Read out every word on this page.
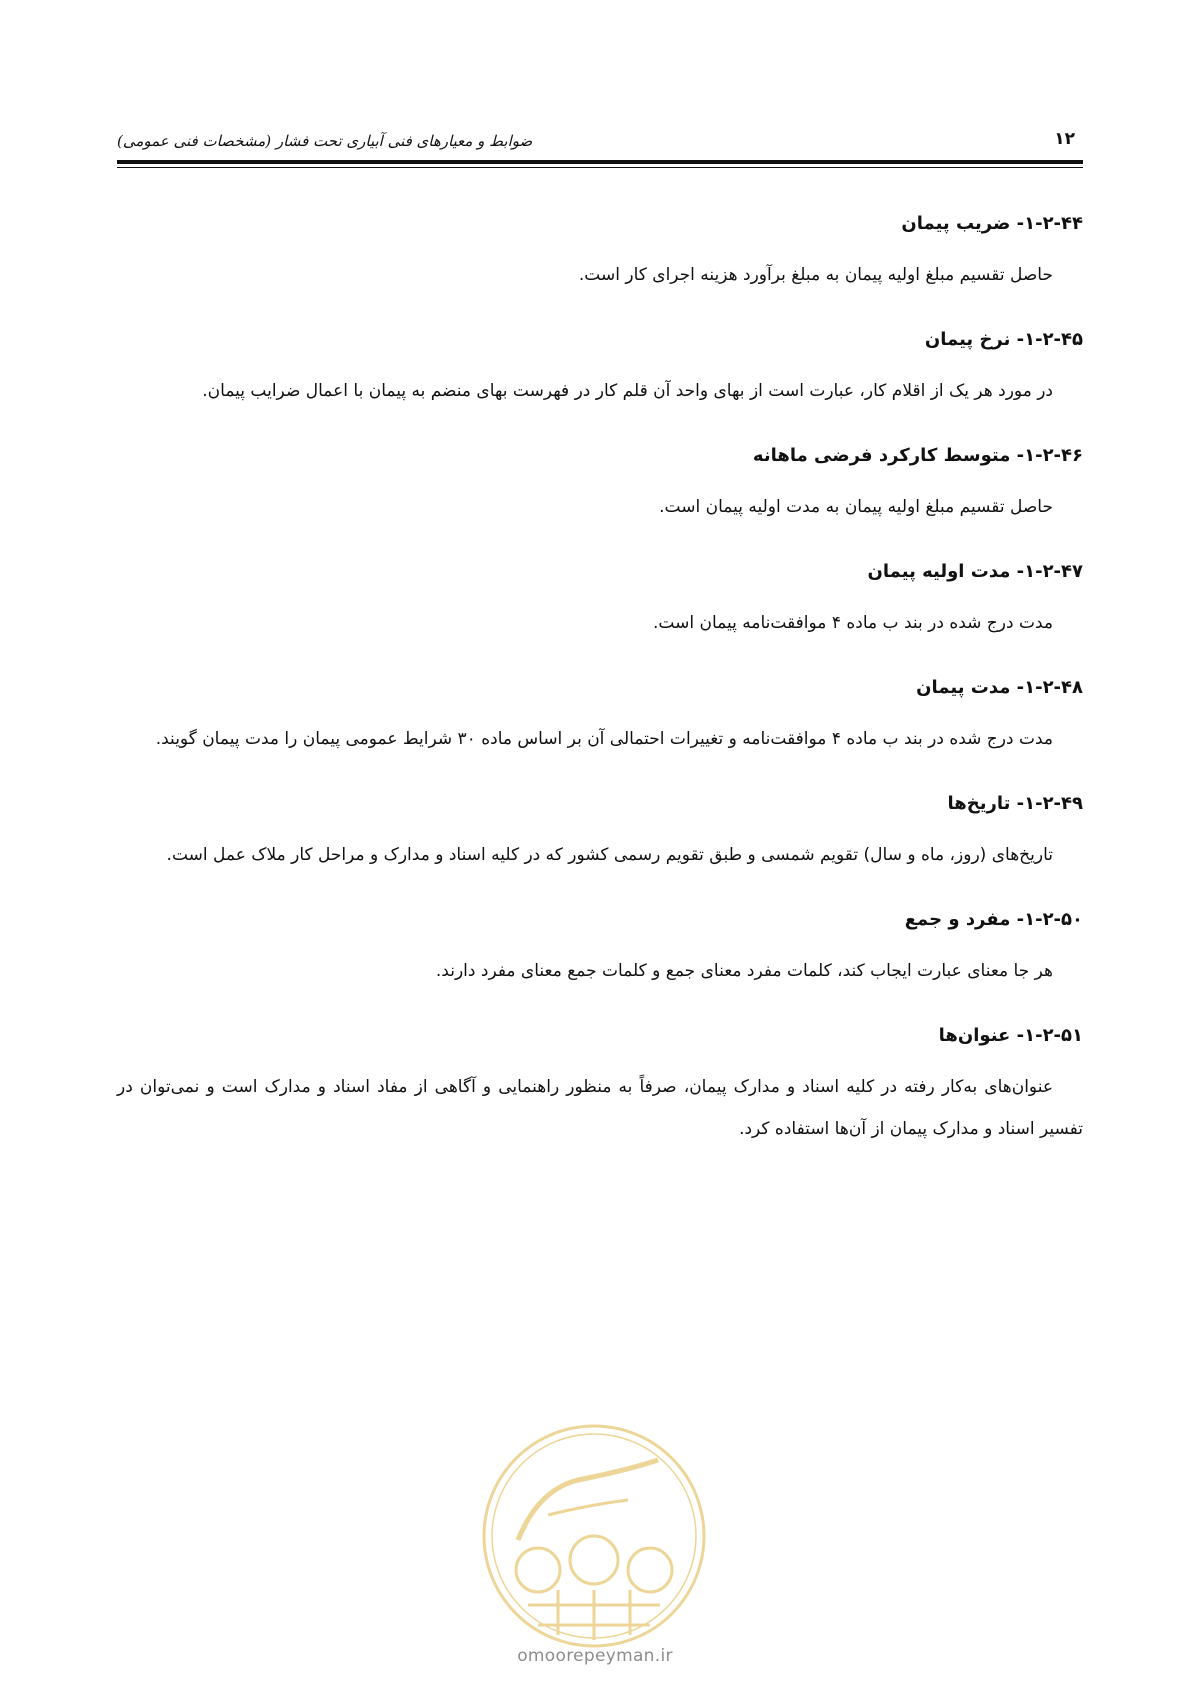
ضوابط و معیارهای فنی آبیاری تحت فشار (مشخصات فنی عمومی)	۱۲
۱-۲-۴۴- ضریب پیمان

حاصل تقسیم مبلغ اولیه پیمان به مبلغ برآورد هزینه اجرای کار است.

۱-۲-۴۵- نرخ پیمان

در مورد هر یک از اقلام کار، عبارت است از بهای واحد آن قلم کار در فهرست بهای منضم به پیمان با اعمال ضرایب پیمان.

۱-۲-۴۶- متوسط کارکرد فرضی ماهانه

حاصل تقسیم مبلغ اولیه پیمان به مدت اولیه پیمان است.

۱-۲-۴۷- مدت اولیه پیمان

مدت درج شده در بند ب ماده ۴ موافقت‌نامه پیمان است.

۱-۲-۴۸- مدت پیمان

مدت درج شده در بند ب ماده ۴ موافقت‌نامه و تغییرات احتمالی آن بر اساس ماده ۳۰ شرایط عمومی پیمان را مدت پیمان گویند.

۱-۲-۴۹- تاریخ‌ها

تاریخ‌های (روز، ماه و سال) تقویم شمسی و طبق تقویم رسمی کشور که در کلیه اسناد و مدارک و مراحل کار ملاک عمل است.

۱-۲-۵۰- مفرد و جمع

هر جا معنای عبارت ایجاب کند، کلمات مفرد معنای جمع و کلمات جمع معنای مفرد دارند.

۱-۲-۵۱- عنوان‌ها

عنوان‌های به‌کار رفته در کلیه اسناد و مدارک پیمان، صرفاً به منظور راهنمایی و آگاهی از مفاد اسناد و مدارک است و نمی‌توان در تفسیر اسناد و مدارک پیمان از آن‌ها استفاده کرد.

omoorepeyman.ir
